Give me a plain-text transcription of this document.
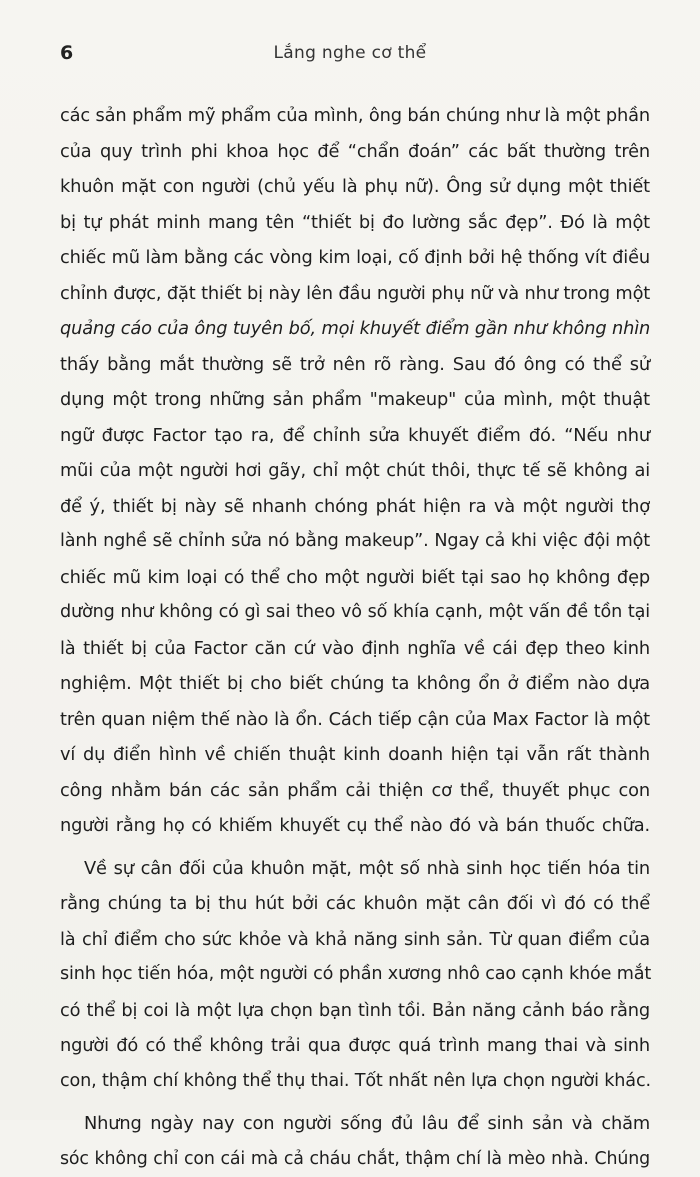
6	Lắng nghe cơ thể
các sản phẩm mỹ phẩm của mình, ông bán chúng như là một phần
của quy trình phi khoa học để “chẩn đoán” các bất thường trên
khuôn mặt con người (chủ yếu là phụ nữ). Ông sử dụng một thiết
bị tự phát minh mang tên “thiết bị đo lường sắc đẹp”. Đó là một
chiếc mũ làm bằng các vòng kim loại, cố định bởi hệ thống vít điều
chỉnh được, đặt thiết bị này lên đầu người phụ nữ và như trong một
quảng cáo của ông tuyên bố, mọi khuyết điểm gần như không nhìn
thấy bằng mắt thường sẽ trở nên rõ ràng. Sau đó ông có thể sử
dụng một trong những sản phẩm "makeup" của mình, một thuật
ngữ được Factor tạo ra, để chỉnh sửa khuyết điểm đó. “Nếu như
mũi của một người hơi gãy, chỉ một chút thôi, thực tế sẽ không ai
để ý, thiết bị này sẽ nhanh chóng phát hiện ra và một người thợ
lành nghề sẽ chỉnh sửa nó bằng makeup”. Ngay cả khi việc đội một
chiếc mũ kim loại có thể cho một người biết tại sao họ không đẹp
dường như không có gì sai theo vô số khía cạnh, một vấn đề tồn tại
là thiết bị của Factor căn cứ vào định nghĩa về cái đẹp theo kinh
nghiệm. Một thiết bị cho biết chúng ta không ổn ở điểm nào dựa
trên quan niệm thế nào là ổn. Cách tiếp cận của Max Factor là một
ví dụ điển hình về chiến thuật kinh doanh hiện tại vẫn rất thành
công nhằm bán các sản phẩm cải thiện cơ thể, thuyết phục con
người rằng họ có khiếm khuyết cụ thể nào đó và bán thuốc chữa.
Về sự cân đối của khuôn mặt, một số nhà sinh học tiến hóa tin
rằng chúng ta bị thu hút bởi các khuôn mặt cân đối vì đó có thể
là chỉ điểm cho sức khỏe và khả năng sinh sản. Từ quan điểm của
sinh học tiến hóa, một người có phần xương nhô cao cạnh khóe mắt
có thể bị coi là một lựa chọn bạn tình tồi. Bản năng cảnh báo rằng
người đó có thể không trải qua được quá trình mang thai và sinh
con, thậm chí không thể thụ thai. Tốt nhất nên lựa chọn người khác.
Nhưng ngày nay con người sống đủ lâu để sinh sản và chăm
sóc không chỉ con cái mà cả cháu chắt, thậm chí là mèo nhà. Chúng
